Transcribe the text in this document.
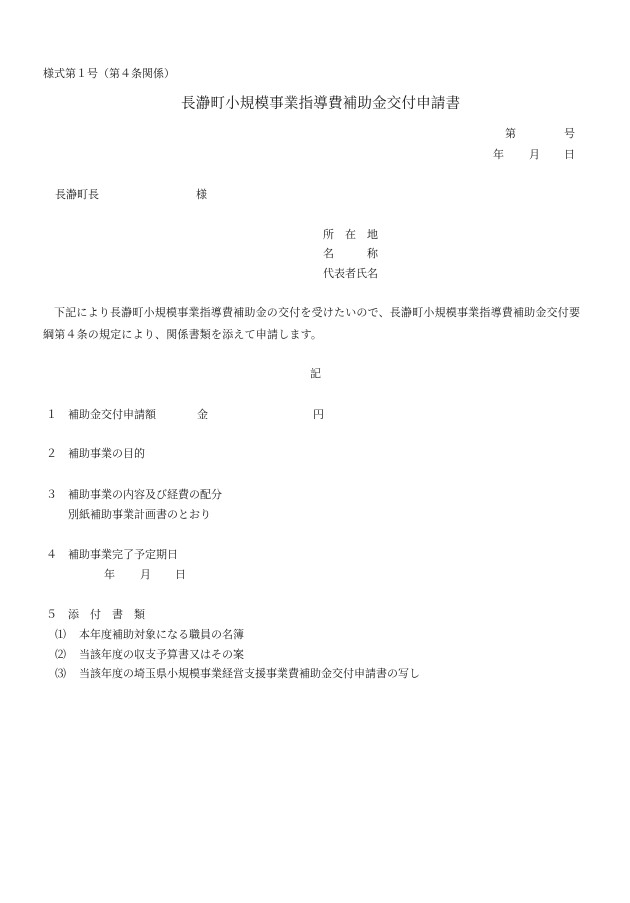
様式第１号（第４条関係）
長瀞町小規模事業指導費補助金交付申請書
第	号
年 月 日
長瀞町長	様
所　在　地
名　　　称
代表者氏名
下記により長瀞町小規模事業指導費補助金の交付を受けたいので、長瀞町小規模事業指導費補助金交付要綱第４条の規定により、関係書類を添えて申請します。
記
１ 補助金交付申請額	金	円
２ 補助事業の目的
３ 補助事業の内容及び経費の配分
別紙補助事業計画書のとおり
４ 補助事業完了予定期日
年 月 日
５ 添　付　書　類
⑴ 本年度補助対象になる職員の名簿
⑵ 当該年度の収支予算書又はその案
⑶ 当該年度の埼玉県小規模事業経営支援事業費補助金交付申請書の写し
